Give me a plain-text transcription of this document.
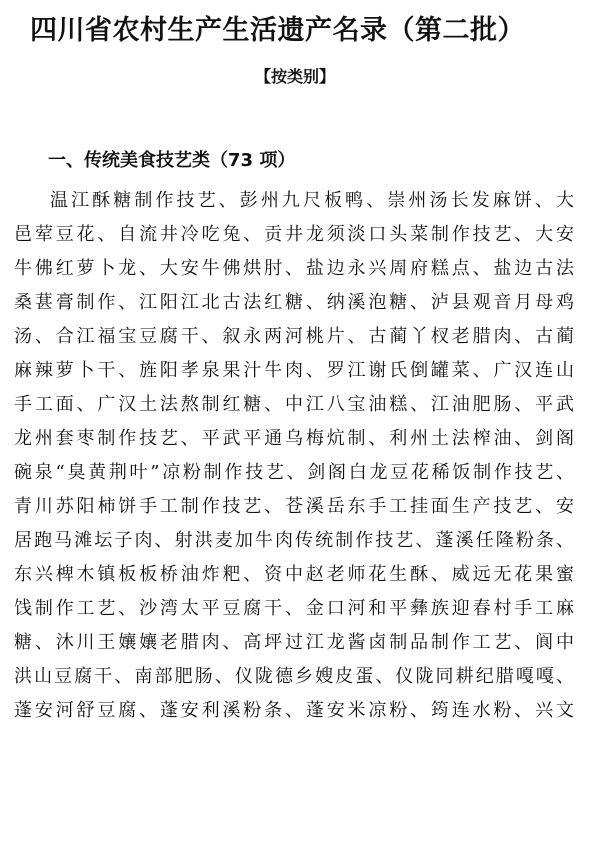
四川省农村生产生活遗产名录（第二批）
【按类别】
一、传统美食技艺类（73 项）
温江酥糖制作技艺、彭州九尺板鸭、崇州汤长发麻饼、大
邑荤豆花、自流井冷吃兔、贡井龙须淡口头菜制作技艺、大安
牛佛红萝卜龙、大安牛佛烘肘、盐边永兴周府糕点、盐边古法
桑葚膏制作、江阳江北古法红糖、纳溪泡糖、泸县观音月母鸡
汤、合江福宝豆腐干、叙永两河桃片、古蔺丫杈老腊肉、古蔺
麻辣萝卜干、旌阳孝泉果汁牛肉、罗江谢氏倒罐菜、广汉连山
手工面、广汉土法熬制红糖、中江八宝油糕、江油肥肠、平武
龙州套枣制作技艺、平武平通乌梅炕制、利州土法榨油、剑阁
碗泉“臭黄荆叶”凉粉制作技艺、剑阁白龙豆花稀饭制作技艺、
青川苏阳柿饼手工制作技艺、苍溪岳东手工挂面生产技艺、安
居跑马滩坛子肉、射洪麦加牛肉传统制作技艺、蓬溪任隆粉条、
东兴椑木镇板板桥油炸粑、资中赵老师花生酥、威远无花果蜜
饯制作工艺、沙湾太平豆腐干、金口河和平彝族迎春村手工麻
糖、沐川王孃孃老腊肉、高坪过江龙酱卤制品制作工艺、阆中
洪山豆腐干、南部肥肠、仪陇德乡嫂皮蛋、仪陇同耕纪腊嘎嘎、
蓬安河舒豆腐、蓬安利溪粉条、蓬安米凉粉、筠连水粉、兴文
